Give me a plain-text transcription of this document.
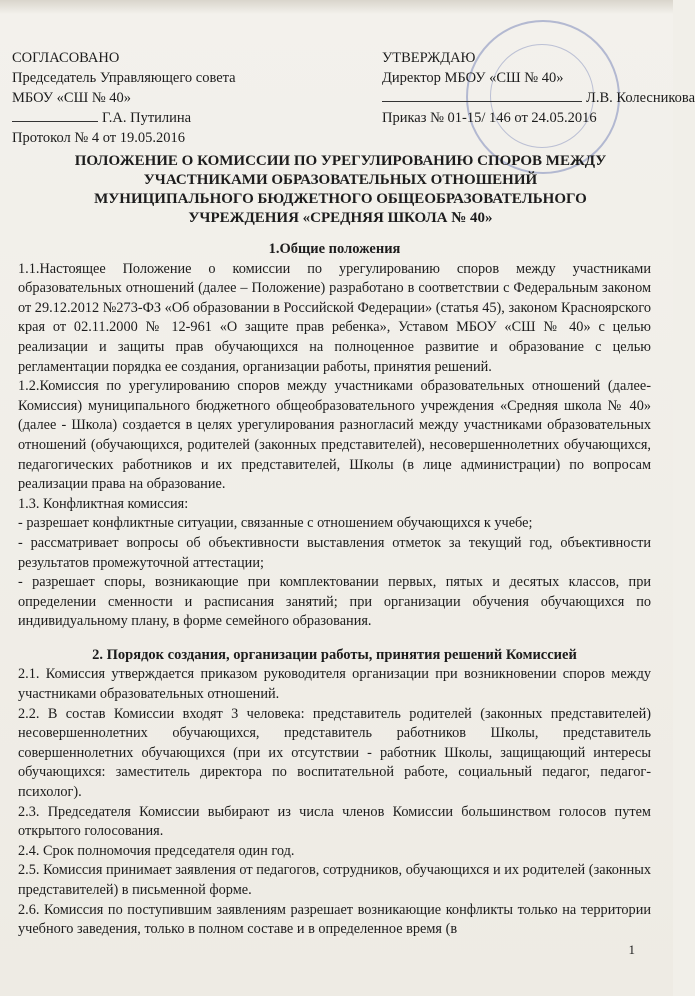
СОГЛАСОВАНО
Председатель Управляющего совета
МБОУ «СШ № 40»
Г.А. Путилина
Протокол № 4 от 19.05.2016
УТВЕРЖДАЮ
Директор МБОУ «СШ № 40»
Л.В. Колесникова
Приказ № 01-15/ 146 от 24.05.2016
ПОЛОЖЕНИЕ О КОМИССИИ ПО УРЕГУЛИРОВАНИЮ СПОРОВ МЕЖДУ
УЧАСТНИКАМИ ОБРАЗОВАТЕЛЬНЫХ ОТНОШЕНИЙ
МУНИЦИПАЛЬНОГО БЮДЖЕТНОГО ОБЩЕОБРАЗОВАТЕЛЬНОГО
УЧРЕЖДЕНИЯ «СРЕДНЯЯ ШКОЛА № 40»
1.Общие положения

1.1.Настоящее Положение о комиссии по урегулированию споров между участниками образовательных отношений (далее – Положение) разработано в соответствии с Федеральным законом от 29.12.2012 №273-ФЗ «Об образовании в Российской Федерации» (статья 45), законом Красноярского края от 02.11.2000 № 12-961 «О защите прав ребенка», Уставом МБОУ «СШ № 40» с целью реализации и защиты прав обучающихся на полноценное развитие и образование с целью регламентации порядка ее создания, организации работы, принятия решений.

1.2.Комиссия по урегулированию споров между участниками образовательных отношений (далее-Комиссия) муниципального бюджетного общеобразовательного учреждения «Средняя школа № 40» (далее - Школа) создается в целях урегулирования разногласий между участниками образовательных отношений (обучающихся, родителей (законных представителей), несовершеннолетних обучающихся, педагогических работников и их представителей, Школы (в лице администрации) по вопросам реализации права на образование.

1.3. Конфликтная комиссия:

- разрешает конфликтные ситуации, связанные с отношением обучающихся к учебе;

- рассматривает вопросы об объективности выставления отметок за текущий год, объективности результатов промежуточной аттестации;

- разрешает споры, возникающие при комплектовании первых, пятых и десятых классов, при определении сменности и расписания занятий; при организации обучения обучающихся по индивидуальному плану, в форме семейного образования.

2. Порядок создания, организации работы, принятия решений Комиссией

2.1. Комиссия утверждается приказом руководителя организации при возникновении споров между участниками образовательных отношений.

2.2. В состав Комиссии входят 3 человека: представитель родителей (законных представителей) несовершеннолетних обучающихся, представитель работников Школы, представитель совершеннолетних обучающихся (при их отсутствии - работник Школы, защищающий интересы обучающихся: заместитель директора по воспитательной работе, социальный педагог, педагог-психолог).

2.3. Председателя Комиссии выбирают из числа членов Комиссии большинством голосов путем открытого голосования.

2.4. Срок полномочия председателя один год.

2.5. Комиссия принимает заявления от педагогов, сотрудников, обучающихся и их родителей (законных представителей) в письменной форме.

2.6. Комиссия по поступившим заявлениям разрешает возникающие конфликты только на территории учебного заведения, только в полном составе и в определенное время (в

1
